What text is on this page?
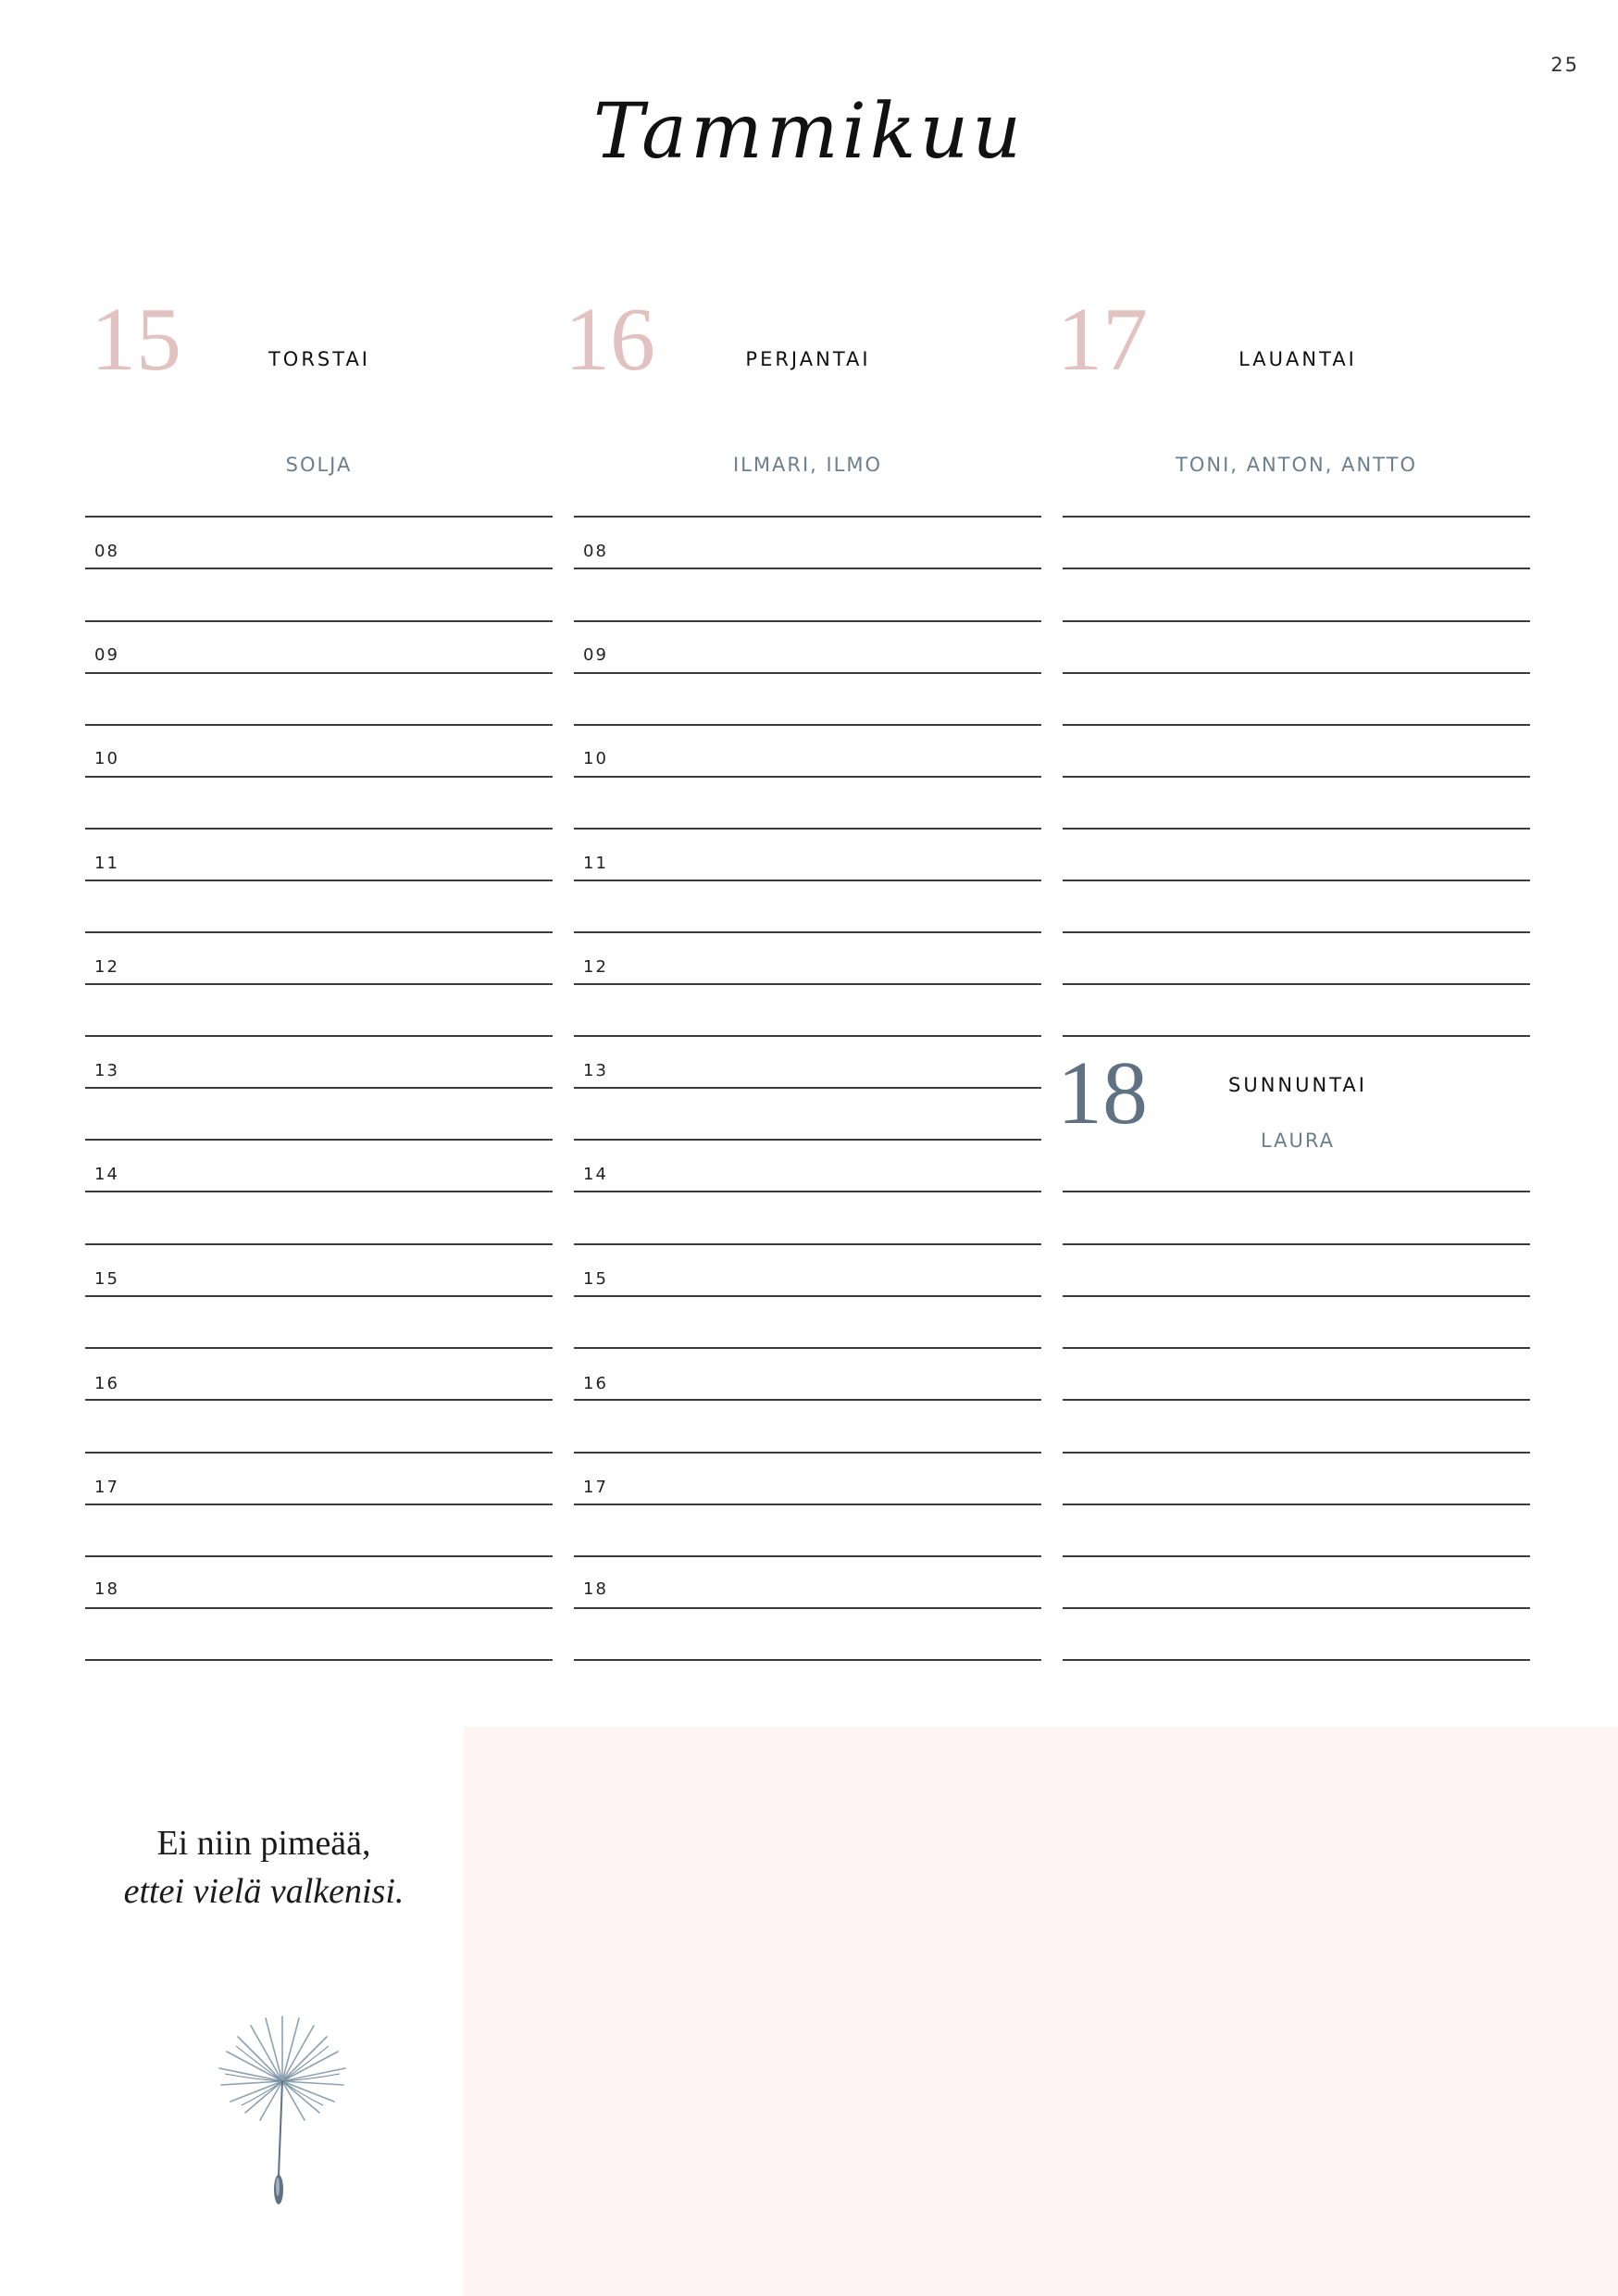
25
Tammikuu
15	TORSTAI
SOLJA
16	PERJANTAI
ILMARI, ILMO
17	LAUANTAI
TONI, ANTON, ANTTO
18	SUNNUNTAI
LAURA
08
09
10
11
12
13
14
15
16
17
18
08
09
10
11
12
13
14
15
16
17
18
Ei niin pimeää,
ettei vielä valkenisi.
